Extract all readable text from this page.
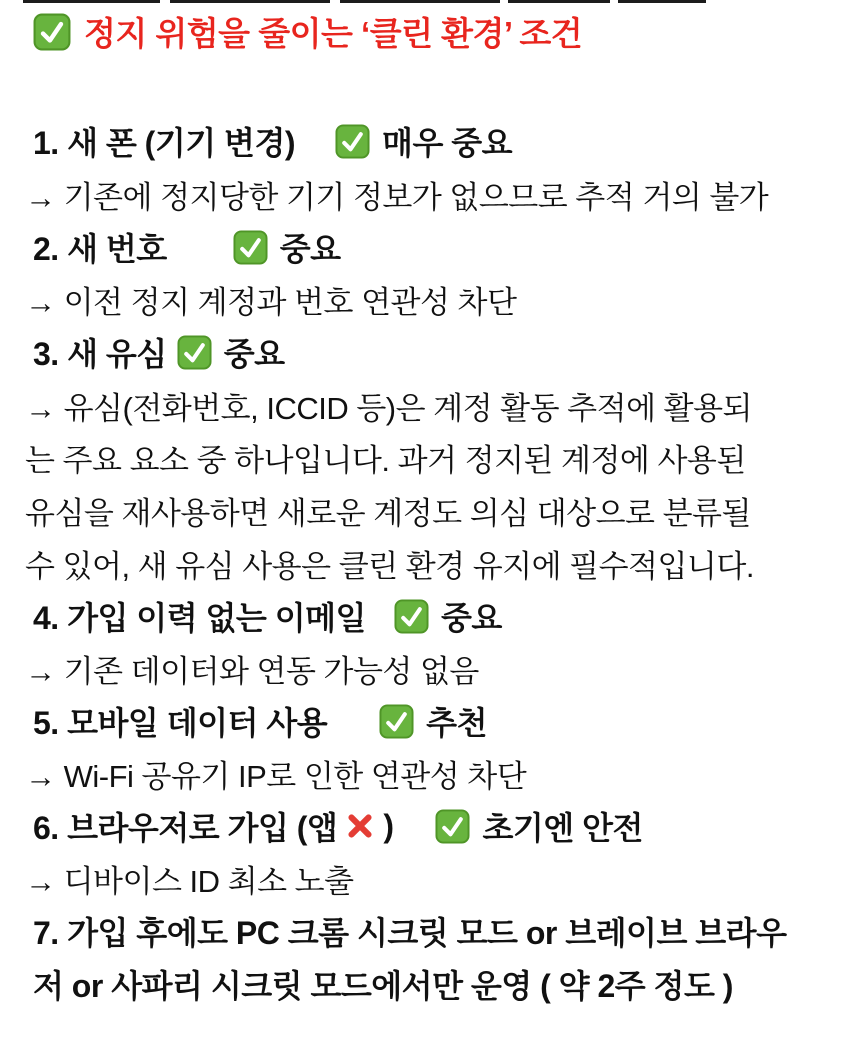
정지 위험을 줄이는 ‘클린 환경’ 조건
1. 새 폰 (기기 변경)	매우 중요
→ 기존에 정지당한 기기 정보가 없으므로 추적 거의 불가
2. 새 번호	중요
→ 이전 정지 계정과 번호 연관성 차단
3. 새 유심 중요
→ 유심(전화번호, ICCID 등)은 계정 활동 추적에 활용되
는 주요 요소 중 하나입니다. 과거 정지된 계정에 사용된
유심을 재사용하면 새로운 계정도 의심 대상으로 분류될
수 있어, 새 유심 사용은 클린 환경 유지에 필수적입니다.
4. 가입 이력 없는 이메일 중요
→ 기존 데이터와 연동 가능성 없음
5. 모바일 데이터 사용	추천
→ Wi-Fi 공유기 IP로 인한 연관성 차단
6. 브라우저로 가입 (앱 )	초기엔 안전
→ 디바이스 ID 최소 노출
7. 가입 후에도 PC 크롬 시크릿 모드 or 브레이브 브라우
저 or 사파리 시크릿 모드에서만 운영 ( 약 2주 정도 )
